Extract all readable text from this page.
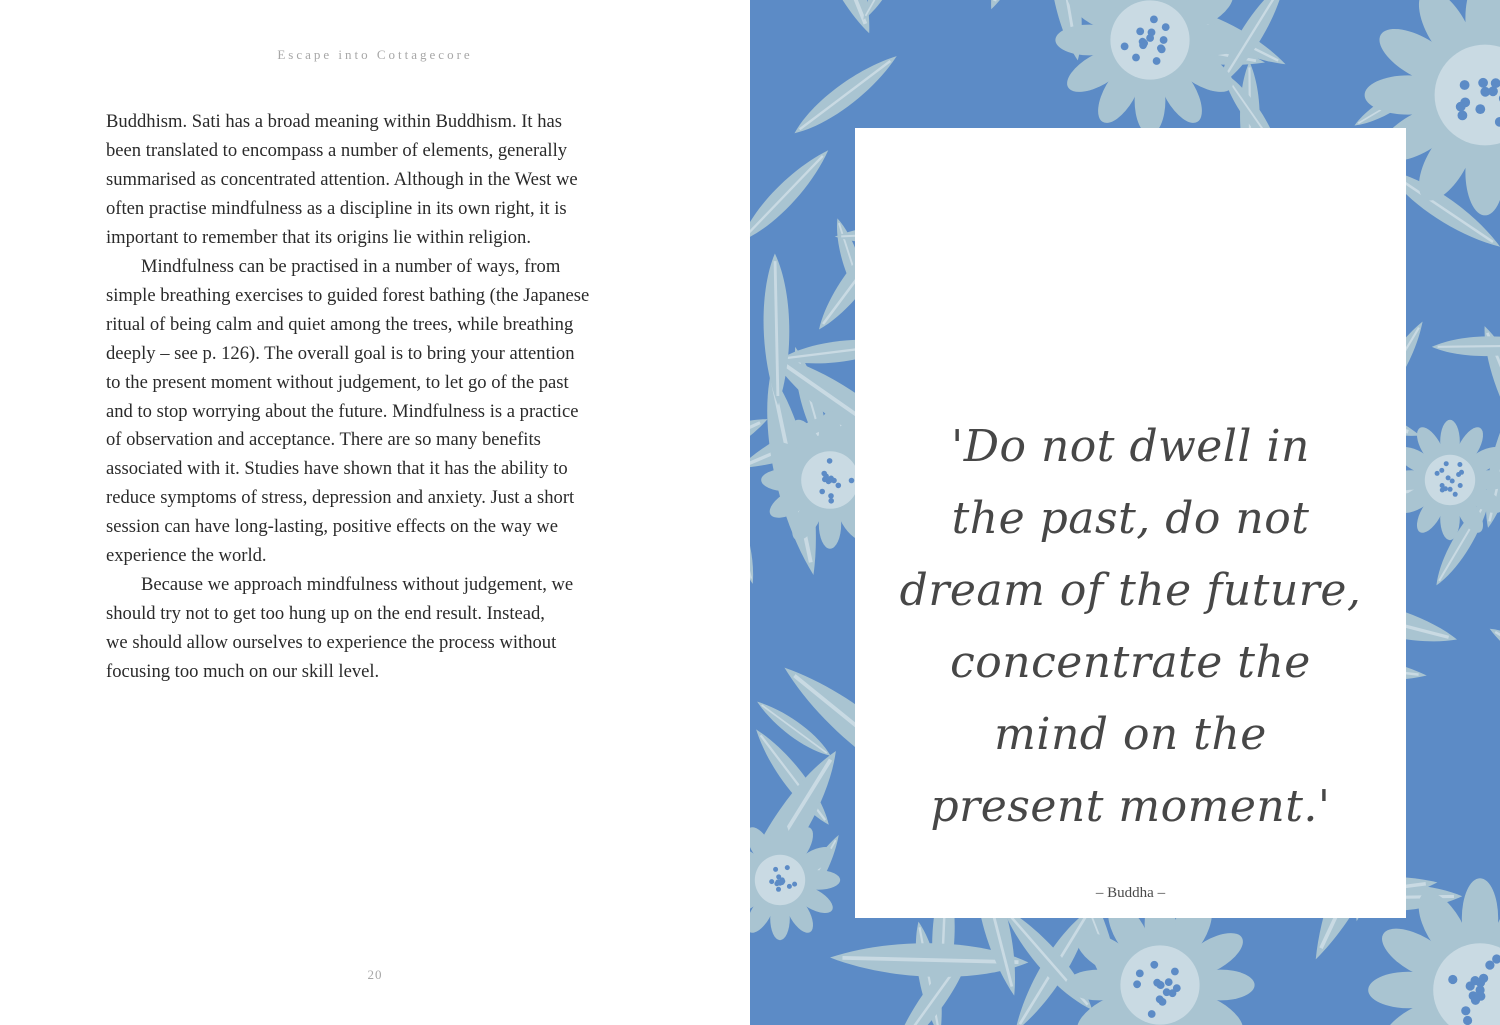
Escape into Cottagecore
Buddhism. Sati has a broad meaning within Buddhism. It has
been translated to encompass a number of elements, generally
summarised as concentrated attention. Although in the West we
often practise mindfulness as a discipline in its own right, it is
important to remember that its origins lie within religion.
Mindfulness can be practised in a number of ways, from
simple breathing exercises to guided forest bathing (the Japanese
ritual of being calm and quiet among the trees, while breathing
deeply – see p. 126). The overall goal is to bring your attention
to the present moment without judgement, to let go of the past
and to stop worrying about the future. Mindfulness is a practice
of observation and acceptance. There are so many benefits
associated with it. Studies have shown that it has the ability to
reduce symptoms of stress, depression and anxiety. Just a short
session can have long-lasting, positive effects on the way we
experience the world.
Because we approach mindfulness without judgement, we
should try not to get too hung up on the end result. Instead,
we should allow ourselves to experience the process without
focusing too much on our skill level.
20
'Do not dwell in
the past, do not
dream of the future,
concentrate the
mind on the
present moment.'
– Buddha –
